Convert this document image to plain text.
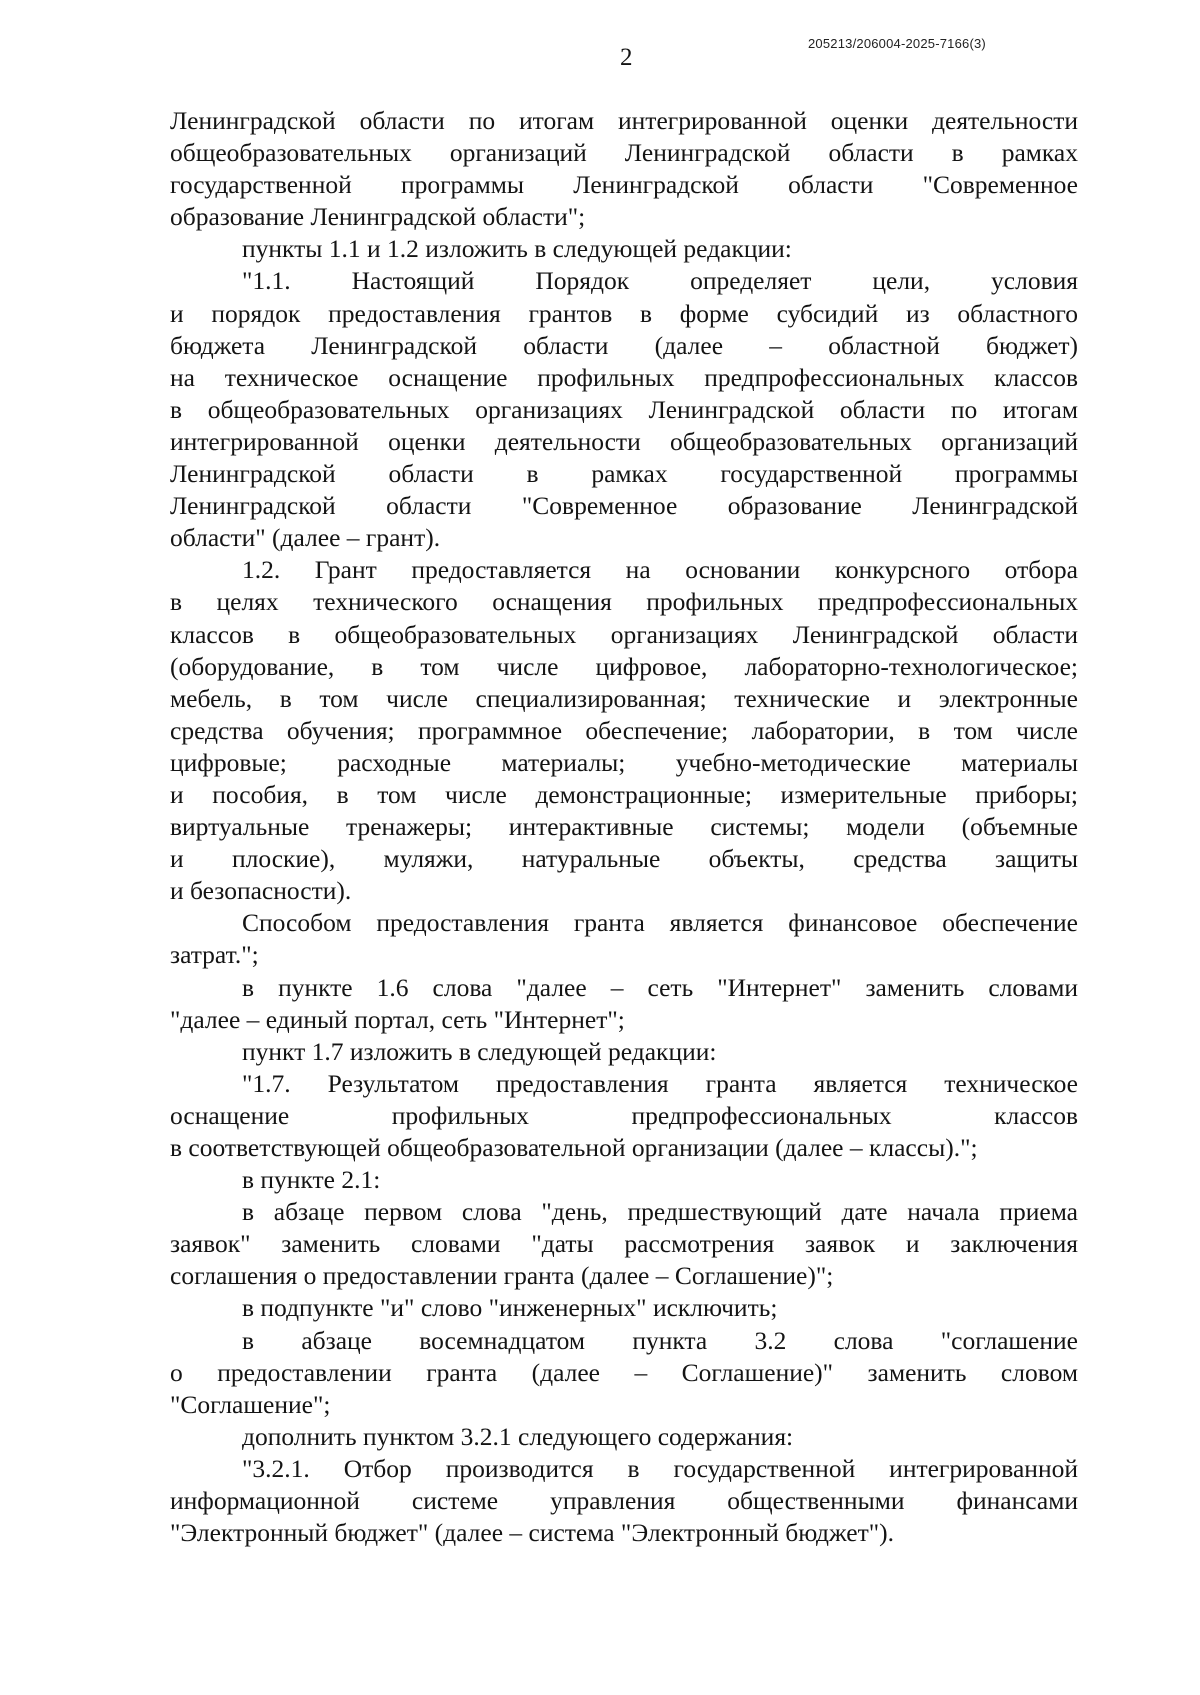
205213/206004-2025-7166(3)
2
Ленинградской области по итогам интегрированной оценки деятельности
общеобразовательных организаций Ленинградской области в рамках
государственной программы Ленинградской области "Современное
образование Ленинградской области";
пункты 1.1 и 1.2 изложить в следующей редакции:
"1.1. Настоящий Порядок определяет цели, условия
и порядок предоставления грантов в форме субсидий из областного
бюджета Ленинградской области (далее – областной бюджет)
на техническое оснащение профильных предпрофессиональных классов
в общеобразовательных организациях Ленинградской области по итогам
интегрированной оценки деятельности общеобразовательных организаций
Ленинградской области в рамках государственной программы
Ленинградской области "Современное образование Ленинградской
области" (далее – грант).
1.2. Грант предоставляется на основании конкурсного отбора
в целях технического оснащения профильных предпрофессиональных
классов в общеобразовательных организациях Ленинградской области
(оборудование, в том числе цифровое, лабораторно-технологическое;
мебель, в том числе специализированная; технические и электронные
средства обучения; программное обеспечение; лаборатории, в том числе
цифровые; расходные материалы; учебно-методические материалы
и пособия, в том числе демонстрационные; измерительные приборы;
виртуальные тренажеры; интерактивные системы; модели (объемные
и плоские), муляжи, натуральные объекты, средства защиты
и безопасности).
Способом предоставления гранта является финансовое обеспечение
затрат.";
в пункте 1.6 слова "далее – сеть "Интернет" заменить словами
"далее – единый портал, сеть "Интернет";
пункт 1.7 изложить в следующей редакции:
"1.7. Результатом предоставления гранта является техническое
оснащение профильных предпрофессиональных классов
в соответствующей общеобразовательной организации (далее – классы).";
в пункте 2.1:
в абзаце первом слова "день, предшествующий дате начала приема
заявок" заменить словами "даты рассмотрения заявок и заключения
соглашения о предоставлении гранта (далее – Соглашение)";
в подпункте "и" слово "инженерных" исключить;
в абзаце восемнадцатом пункта 3.2 слова "соглашение
о предоставлении гранта (далее – Соглашение)" заменить словом
"Соглашение";
дополнить пунктом 3.2.1 следующего содержания:
"3.2.1. Отбор производится в государственной интегрированной
информационной системе управления общественными финансами
"Электронный бюджет" (далее – система "Электронный бюджет").
